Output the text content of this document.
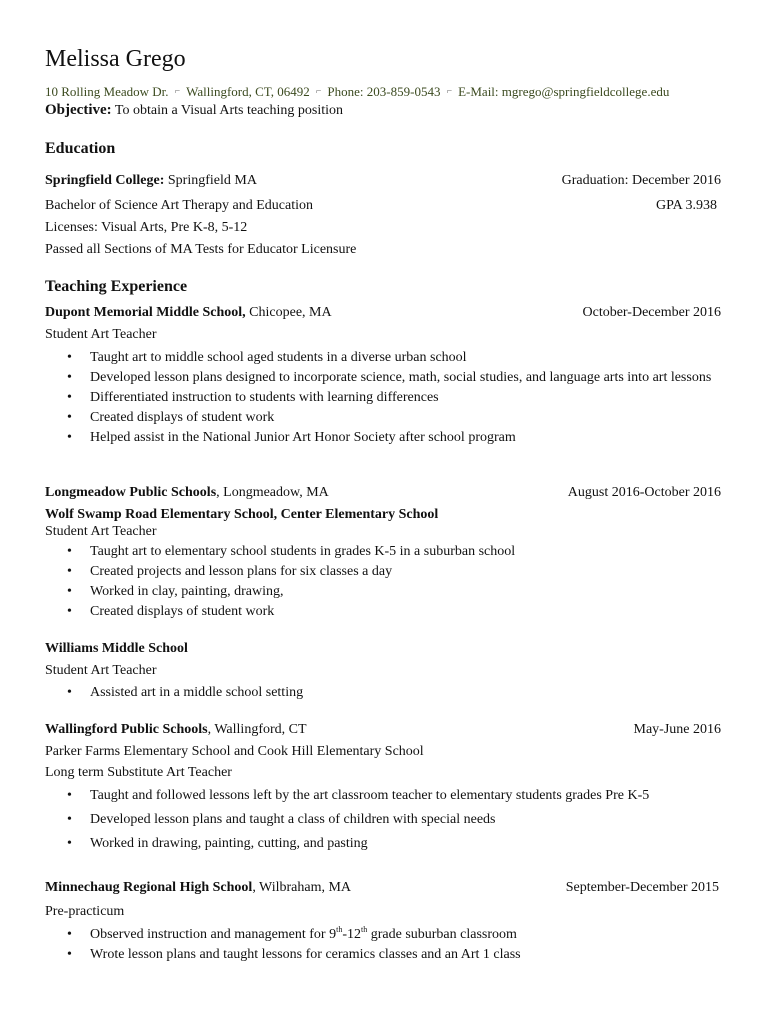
Melissa Grego
10 Rolling Meadow Dr. ⌐ Wallingford, CT, 06492 ⌐ Phone: 203-859-0543 ⌐ E-Mail: mgrego@springfieldcollege.edu
Objective: To obtain a Visual Arts teaching position
Education
Springfield College: Springfield MA	Graduation: December 2016
Bachelor of Science Art Therapy and Education	GPA 3.938
Licenses: Visual Arts, Pre K-8, 5-12
Passed all Sections of MA Tests for Educator Licensure
Teaching Experience
Dupont Memorial Middle School, Chicopee, MA	October-December 2016
Student Art Teacher
• Taught art to middle school aged students in a diverse urban school
• Developed lesson plans designed to incorporate science, math, social studies, and language arts into art lessons
• Differentiated instruction to students with learning differences
• Created displays of student work
• Helped assist in the National Junior Art Honor Society after school program
Longmeadow Public Schools, Longmeadow, MA	August 2016-October 2016
Wolf Swamp Road Elementary School, Center Elementary School
Student Art Teacher
• Taught art to elementary school students in grades K-5 in a suburban school
• Created projects and lesson plans for six classes a day
• Worked in clay, painting, drawing,
• Created displays of student work
Williams Middle School
Student Art Teacher
• Assisted art in a middle school setting
Wallingford Public Schools, Wallingford, CT	May-June 2016
Parker Farms Elementary School and Cook Hill Elementary School
Long term Substitute Art Teacher
• Taught and followed lessons left by the art classroom teacher to elementary students grades Pre K-5
• Developed lesson plans and taught a class of children with special needs
• Worked in drawing, painting, cutting, and pasting
Minnechaug Regional High School, Wilbraham, MA	September-December 2015
Pre-practicum
• Observed instruction and management for 9th-12th grade suburban classroom
• Wrote lesson plans and taught lessons for ceramics classes and an Art 1 class
